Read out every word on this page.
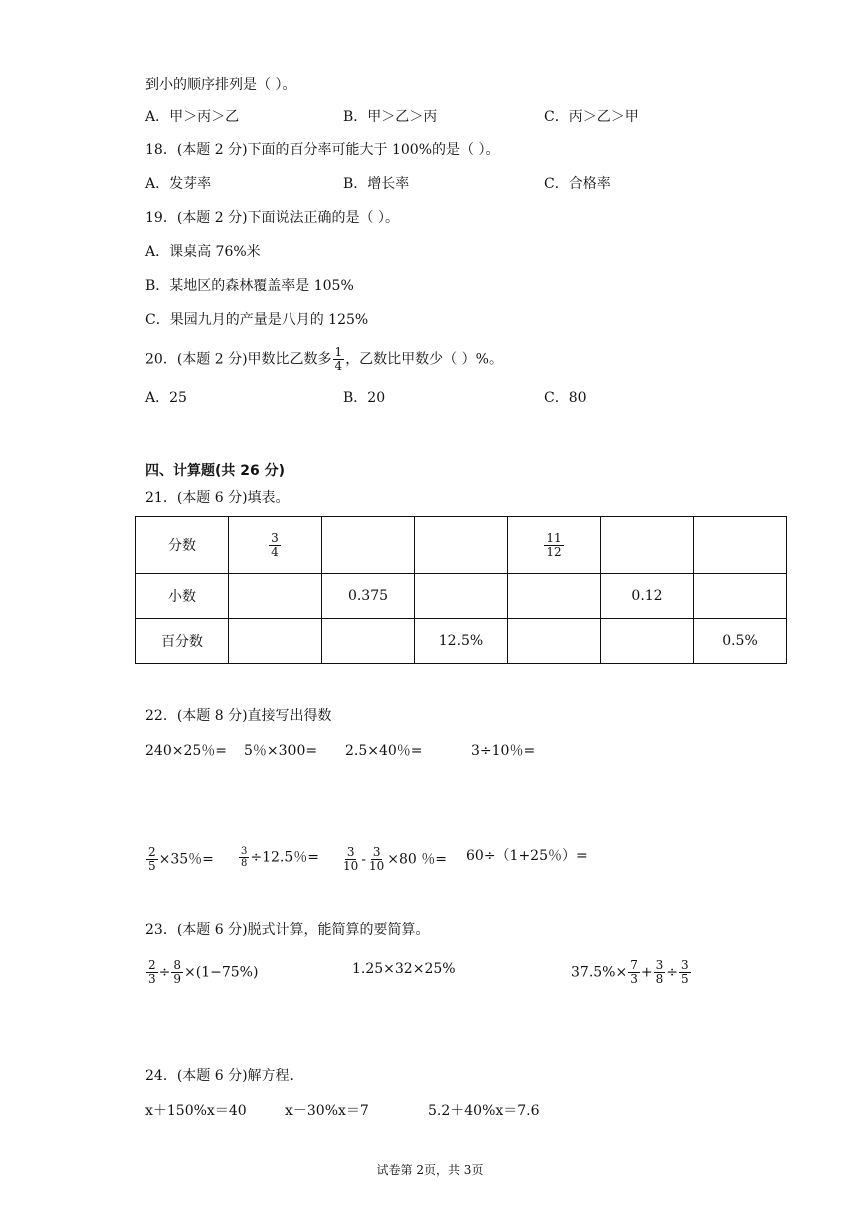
到小的顺序排列是（ ）。
A．甲＞丙＞乙	B．甲＞乙＞丙	C．丙＞乙＞甲
18．(本题 2 分)下面的百分率可能大于 100%的是（ ）。
A．发芽率	B．增长率	C．合格率
19．(本题 2 分)下面说法正确的是（ ）。
A．课桌高 76%米
B．某地区的森林覆盖率是 105%
C．果园九月的产量是八月的 125%
20．(本题 2 分)甲数比乙数多 $\frac{1}{4}$ ，乙数比甲数少（ ）%。
A．25	B．20	C．80
四、计算题(共 26 分)
21．(本题 6 分)填表。
分数	$\frac{3}{4}$			$\frac{11}{12}$

小数		0.375			0.12	
百分数			12.5%			0.5%
22．(本题 8 分)直接写出得数
240×25％= 5％×300= 2.5×40％=	3÷10％=
$\frac{2}{5} \times 35$％=	$\frac{3}{8} \div 12.5$％= $\frac{3}{10} - \frac{3}{10} \times 80$ ％= 60÷（1+25％）=
23．(本题 6 分)脱式计算，能简算的要简算。
$\frac{2}{3} \div \frac{8}{9} \times(1-75\%)$	1.25×32×25%	$37.5\%\times \frac{7}{3} + \frac{3}{8} \div \frac{3}{5}$
24．(本题 6 分)解方程.
x＋150%x＝40	x－30%x＝7	5.2＋40%x＝7.6
试卷第 2页，共 3页
